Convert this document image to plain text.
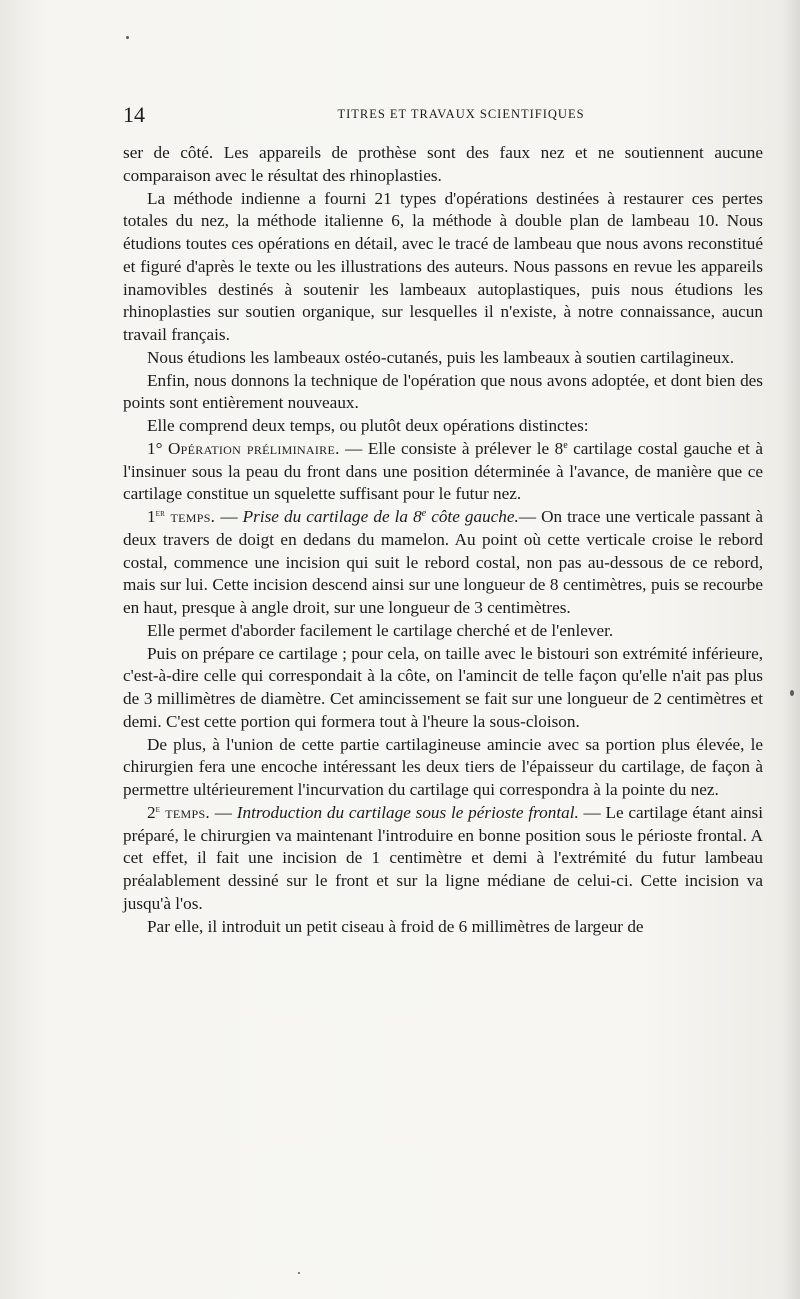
14	TITRES ET TRAVAUX SCIENTIFIQUES

ser de côté. Les appareils de prothèse sont des faux nez et ne soutiennent aucune comparaison avec le résultat des rhinoplasties.

La méthode indienne a fourni 21 types d'opérations destinées à restaurer ces pertes totales du nez, la méthode italienne 6, la méthode à double plan de lambeau 10. Nous étudions toutes ces opérations en détail, avec le tracé de lambeau que nous avons reconstitué et figuré d'après le texte ou les illustrations des auteurs. Nous passons en revue les appareils inamovibles destinés à soutenir les lambeaux autoplastiques, puis nous étudions les rhinoplasties sur soutien organique, sur lesquelles il n'existe, à notre connaissance, aucun travail français.

Nous étudions les lambeaux ostéo-cutanés, puis les lambeaux à soutien cartilagineux.

Enfin, nous donnons la technique de l'opération que nous avons adoptée, et dont bien des points sont entièrement nouveaux.

Elle comprend deux temps, ou plutôt deux opérations distinctes:

1° Opération préliminaire. — Elle consiste à prélever le 8e cartilage costal gauche et à l'insinuer sous la peau du front dans une position déterminée à l'avance, de manière que ce cartilage constitue un squelette suffisant pour le futur nez.

1er temps. — Prise du cartilage de la 8e côte gauche.— On trace une verticale passant à deux travers de doigt en dedans du mamelon. Au point où cette verticale croise le rebord costal, commence une incision qui suit le rebord costal, non pas au-dessous de ce rebord, mais sur lui. Cette incision descend ainsi sur une longueur de 8 centimètres, puis se recourbe en haut, presque à angle droit, sur une longueur de 3 centimètres.

Elle permet d'aborder facilement le cartilage cherché et de l'enlever.

Puis on prépare ce cartilage ; pour cela, on taille avec le bistouri son extrémité inférieure, c'est-à-dire celle qui correspondait à la côte, on l'amincit de telle façon qu'elle n'ait pas plus de 3 millimètres de diamètre. Cet amincissement se fait sur une longueur de 2 centimètres et demi. C'est cette portion qui formera tout à l'heure la sous-cloison.

De plus, à l'union de cette partie cartilagineuse amincie avec sa portion plus élevée, le chirurgien fera une encoche intéressant les deux tiers de l'épaisseur du cartilage, de façon à permettre ultérieurement l'incurvation du cartilage qui correspondra à la pointe du nez.

2e temps. — Introduction du cartilage sous le périoste frontal. — Le cartilage étant ainsi préparé, le chirurgien va maintenant l'introduire en bonne position sous le périoste frontal. A cet effet, il fait une incision de 1 centimètre et demi à l'extrémité du futur lambeau préalablement dessiné sur le front et sur la ligne médiane de celui-ci. Cette incision va jusqu'à l'os.

Par elle, il introduit un petit ciseau à froid de 6 millimètres de largeur de
